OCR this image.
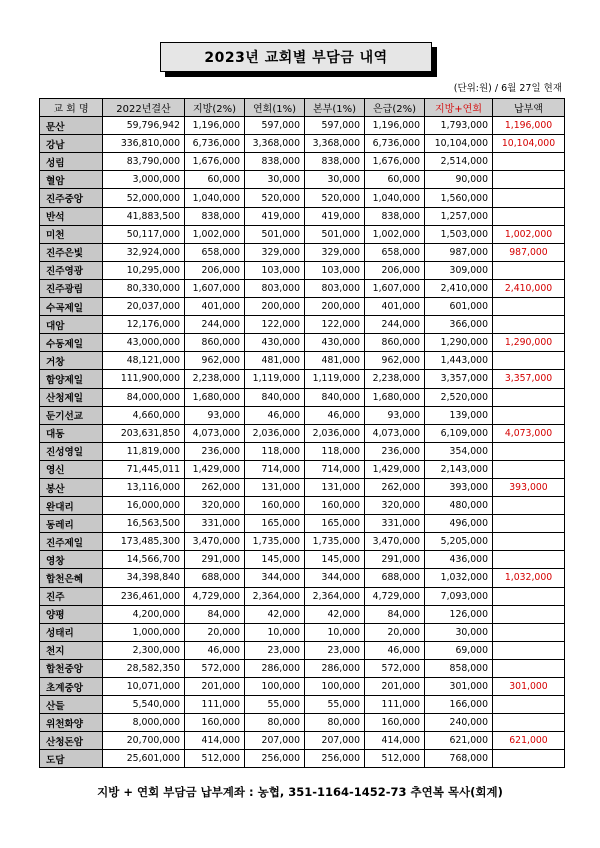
2023년 교회별 부담금 내역
(단위:원) / 6월 27일 현재
교 회 명	2022년결산	지방(2%)	연회(1%)	본부(1%)	은급(2%)	지방+연회	납부액
문산	59,796,942	1,196,000	597,000	597,000	1,196,000	1,793,000	1,196,000
강남	336,810,000	6,736,000	3,368,000	3,368,000	6,736,000	10,104,000	10,104,000
성림	83,790,000	1,676,000	838,000	838,000	1,676,000	2,514,000	
혈암	3,000,000	60,000	30,000	30,000	60,000	90,000	
진주중앙	52,000,000	1,040,000	520,000	520,000	1,040,000	1,560,000	
반석	41,883,500	838,000	419,000	419,000	838,000	1,257,000	
미천	50,117,000	1,002,000	501,000	501,000	1,002,000	1,503,000	1,002,000
진주은빛	32,924,000	658,000	329,000	329,000	658,000	987,000	987,000
진주영광	10,295,000	206,000	103,000	103,000	206,000	309,000	
진주광림	80,330,000	1,607,000	803,000	803,000	1,607,000	2,410,000	2,410,000
수곡제일	20,037,000	401,000	200,000	200,000	401,000	601,000	
대암	12,176,000	244,000	122,000	122,000	244,000	366,000	
수동제일	43,000,000	860,000	430,000	430,000	860,000	1,290,000	1,290,000
거창	48,121,000	962,000	481,000	481,000	962,000	1,443,000	
함양제일	111,900,000	2,238,000	1,119,000	1,119,000	2,238,000	3,357,000	3,357,000
산청제일	84,000,000	1,680,000	840,000	840,000	1,680,000	2,520,000	
둔기선교	4,660,000	93,000	46,000	46,000	93,000	139,000	
대동	203,631,850	4,073,000	2,036,000	2,036,000	4,073,000	6,109,000	4,073,000
진성영일	11,819,000	236,000	118,000	118,000	236,000	354,000	
영신	71,445,011	1,429,000	714,000	714,000	1,429,000	2,143,000	
봉산	13,116,000	262,000	131,000	131,000	262,000	393,000	393,000
완대리	16,000,000	320,000	160,000	160,000	320,000	480,000	
동레리	16,563,500	331,000	165,000	165,000	331,000	496,000	
진주제일	173,485,300	3,470,000	1,735,000	1,735,000	3,470,000	5,205,000	
영창	14,566,700	291,000	145,000	145,000	291,000	436,000	
합천은혜	34,398,840	688,000	344,000	344,000	688,000	1,032,000	1,032,000
진주	236,461,000	4,729,000	2,364,000	2,364,000	4,729,000	7,093,000	
양평	4,200,000	84,000	42,000	42,000	84,000	126,000	
성태리	1,000,000	20,000	10,000	10,000	20,000	30,000	
천지	2,300,000	46,000	23,000	23,000	46,000	69,000	
합천중앙	28,582,350	572,000	286,000	286,000	572,000	858,000	
초계중앙	10,071,000	201,000	100,000	100,000	201,000	301,000	301,000
산들	5,540,000	111,000	55,000	55,000	111,000	166,000	
위천화양	8,000,000	160,000	80,000	80,000	160,000	240,000	
산청돈암	20,700,000	414,000	207,000	207,000	414,000	621,000	621,000
도담	25,601,000	512,000	256,000	256,000	512,000	768,000	
지방 + 연회 부담금 납부계좌 : 농협, 351-1164-1452-73 추연복 목사(회계)
